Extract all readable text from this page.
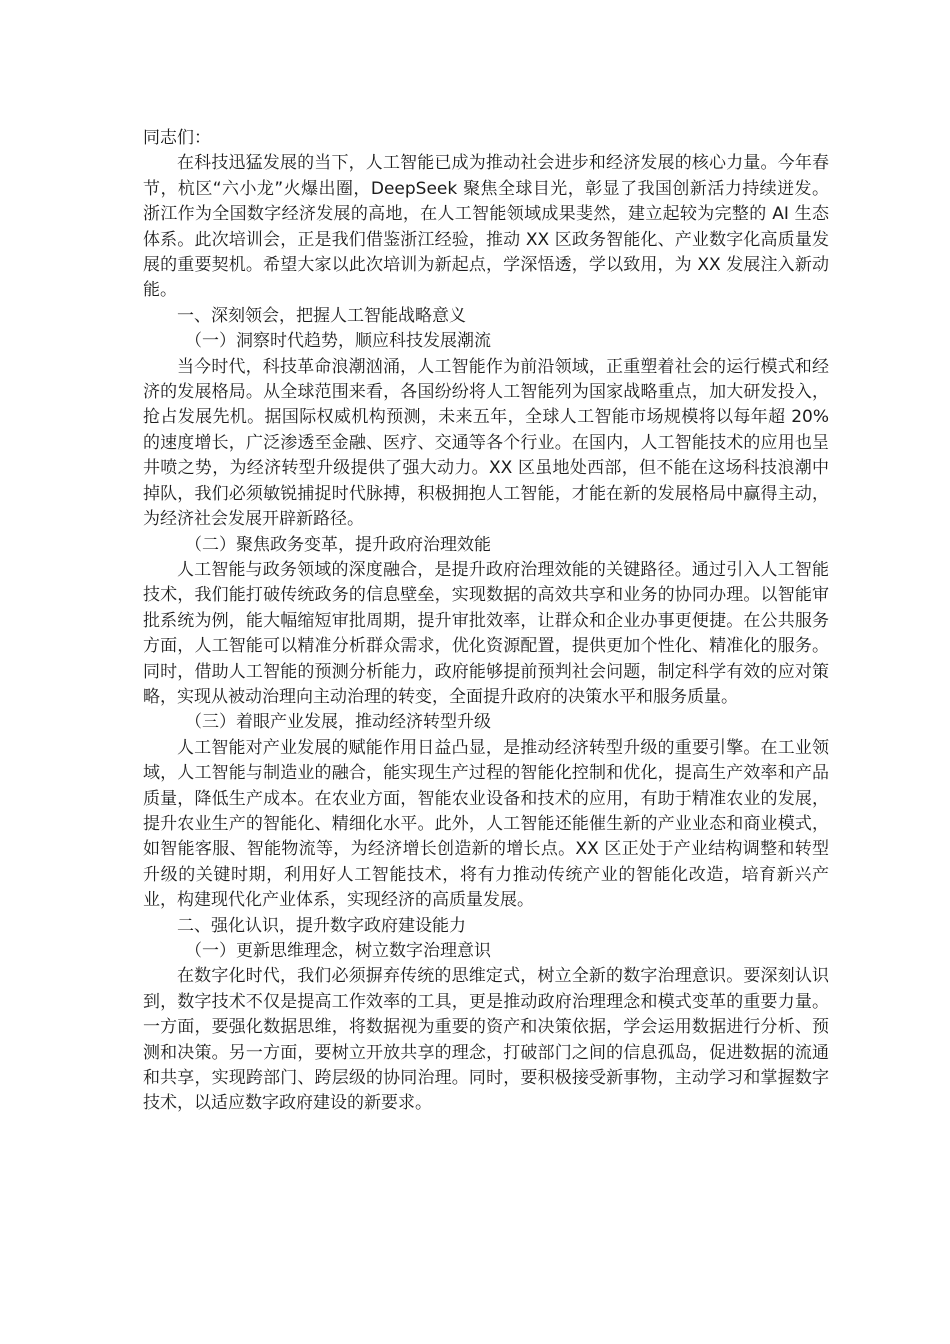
同志们：

在科技迅猛发展的当下，人工智能已成为推动社会进步和经济发展的核心力量。今年春节，杭区“六小龙”火爆出圈，DeepSeek 聚焦全球目光，彰显了我国创新活力持续迸发。浙江作为全国数字经济发展的高地，在人工智能领域成果斐然，建立起较为完整的 AI 生态体系。此次培训会，正是我们借鉴浙江经验，推动 XX 区政务智能化、产业数字化高质量发展的重要契机。希望大家以此次培训为新起点，学深悟透，学以致用，为 XX 发展注入新动能。

一、深刻领会，把握人工智能战略意义

（一）洞察时代趋势，顺应科技发展潮流

当今时代，科技革命浪潮汹涌，人工智能作为前沿领域，正重塑着社会的运行模式和经济的发展格局。从全球范围来看，各国纷纷将人工智能列为国家战略重点，加大研发投入，抢占发展先机。据国际权威机构预测，未来五年，全球人工智能市场规模将以每年超 20%的速度增长，广泛渗透至金融、医疗、交通等各个行业。在国内，人工智能技术的应用也呈井喷之势，为经济转型升级提供了强大动力。XX 区虽地处西部，但不能在这场科技浪潮中掉队，我们必须敏锐捕捉时代脉搏，积极拥抱人工智能，才能在新的发展格局中赢得主动，为经济社会发展开辟新路径。

（二）聚焦政务变革，提升政府治理效能

人工智能与政务领域的深度融合，是提升政府治理效能的关键路径。通过引入人工智能技术，我们能打破传统政务的信息壁垒，实现数据的高效共享和业务的协同办理。以智能审批系统为例，能大幅缩短审批周期，提升审批效率，让群众和企业办事更便捷。在公共服务方面，人工智能可以精准分析群众需求，优化资源配置，提供更加个性化、精准化的服务。同时，借助人工智能的预测分析能力，政府能够提前预判社会问题，制定科学有效的应对策略，实现从被动治理向主动治理的转变，全面提升政府的决策水平和服务质量。

（三）着眼产业发展，推动经济转型升级

人工智能对产业发展的赋能作用日益凸显，是推动经济转型升级的重要引擎。在工业领域，人工智能与制造业的融合，能实现生产过程的智能化控制和优化，提高生产效率和产品质量，降低生产成本。在农业方面，智能农业设备和技术的应用，有助于精准农业的发展，提升农业生产的智能化、精细化水平。此外，人工智能还能催生新的产业业态和商业模式，如智能客服、智能物流等，为经济增长创造新的增长点。XX 区正处于产业结构调整和转型升级的关键时期，利用好人工智能技术，将有力推动传统产业的智能化改造，培育新兴产业，构建现代化产业体系，实现经济的高质量发展。

二、强化认识，提升数字政府建设能力

（一）更新思维理念，树立数字治理意识

在数字化时代，我们必须摒弃传统的思维定式，树立全新的数字治理意识。要深刻认识到，数字技术不仅是提高工作效率的工具，更是推动政府治理理念和模式变革的重要力量。一方面，要强化数据思维，将数据视为重要的资产和决策依据，学会运用数据进行分析、预测和决策。另一方面，要树立开放共享的理念，打破部门之间的信息孤岛，促进数据的流通和共享，实现跨部门、跨层级的协同治理。同时，要积极接受新事物，主动学习和掌握数字技术，以适应数字政府建设的新要求。
